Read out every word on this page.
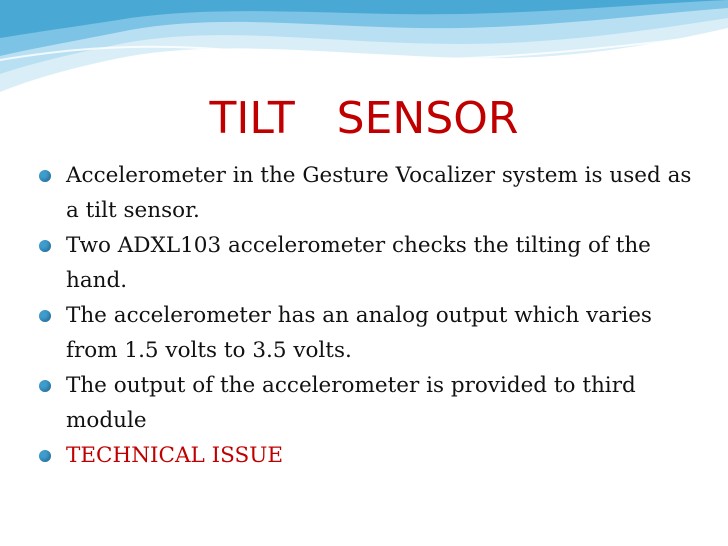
TILT   SENSOR
Accelerometer in the Gesture Vocalizer system is used as a tilt sensor.
Two ADXL103 accelerometer checks the tilting of the hand.
The accelerometer has an analog output which varies from 1.5 volts to 3.5 volts.
The output of the accelerometer is provided to third module
TECHNICAL ISSUE
